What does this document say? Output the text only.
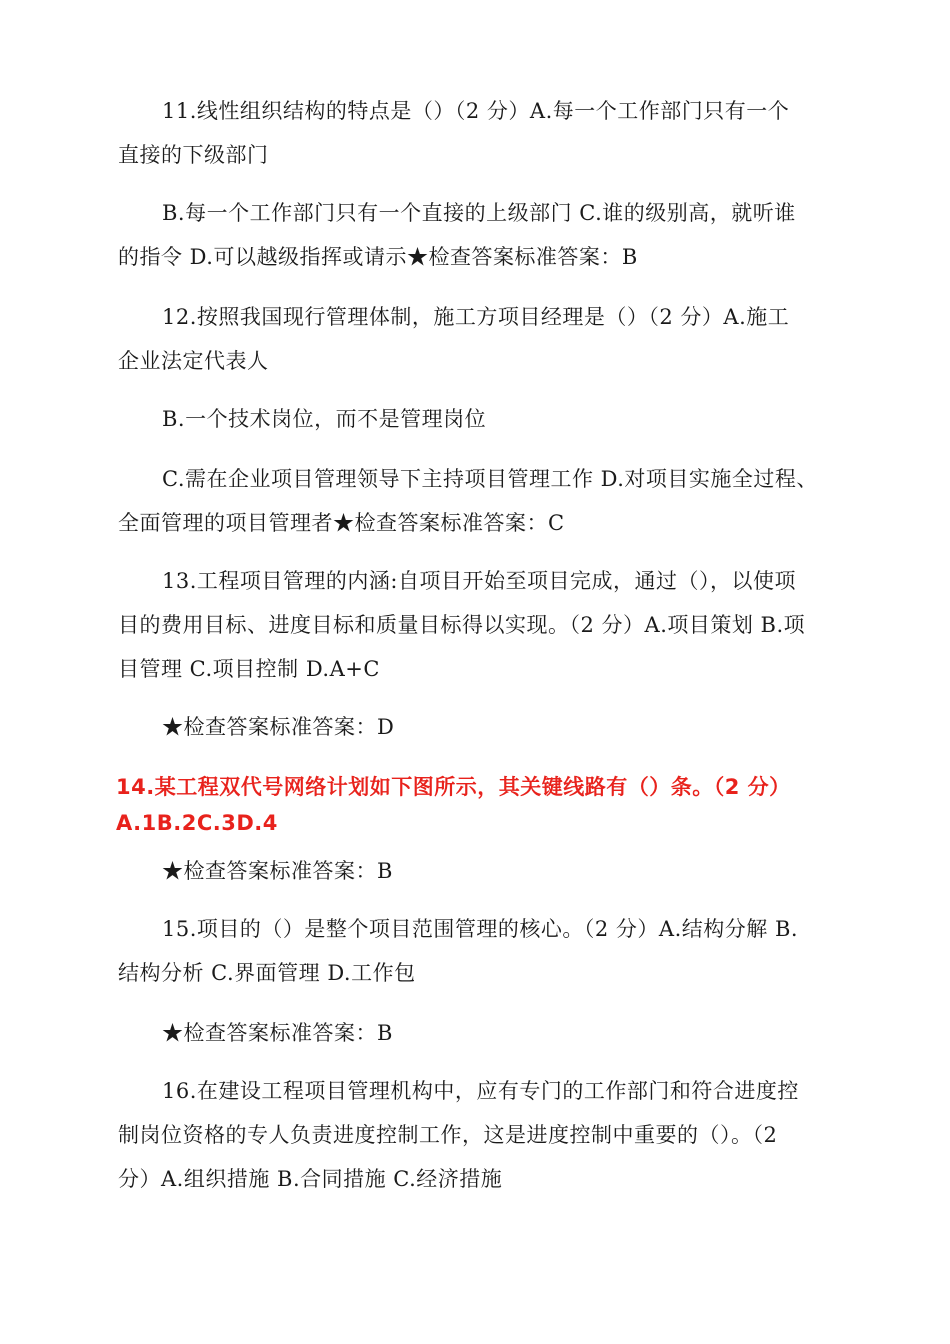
11.线性组织结构的特点是（）（2 分）A.每一个工作部门只有一个
直接的下级部门
B.每一个工作部门只有一个直接的上级部门 C.谁的级别高，就听谁
的指令 D.可以越级指挥或请示★检查答案标准答案：B
12.按照我国现行管理体制，施工方项目经理是（）（2 分）A.施工
企业法定代表人
B.一个技术岗位，而不是管理岗位
C.需在企业项目管理领导下主持项目管理工作 D.对项目实施全过程、
全面管理的项目管理者★检查答案标准答案：C
13.工程项目管理的内涵:自项目开始至项目完成，通过（），以使项
目的费用目标、进度目标和质量目标得以实现。（2 分）A.项目策划 B.项
目管理 C.项目控制 D.A+C
★检查答案标准答案：D
14.某工程双代号网络计划如下图所示，其关键线路有（）条。（2 分）
A.1B.2C.3D.4
★检查答案标准答案：B
15.项目的（）是整个项目范围管理的核心。（2 分）A.结构分解 B.
结构分析 C.界面管理 D.工作包
★检查答案标准答案：B
16.在建设工程项目管理机构中，应有专门的工作部门和符合进度控
制岗位资格的专人负责进度控制工作，这是进度控制中重要的（）。（2
分）A.组织措施 B.合同措施 C.经济措施
